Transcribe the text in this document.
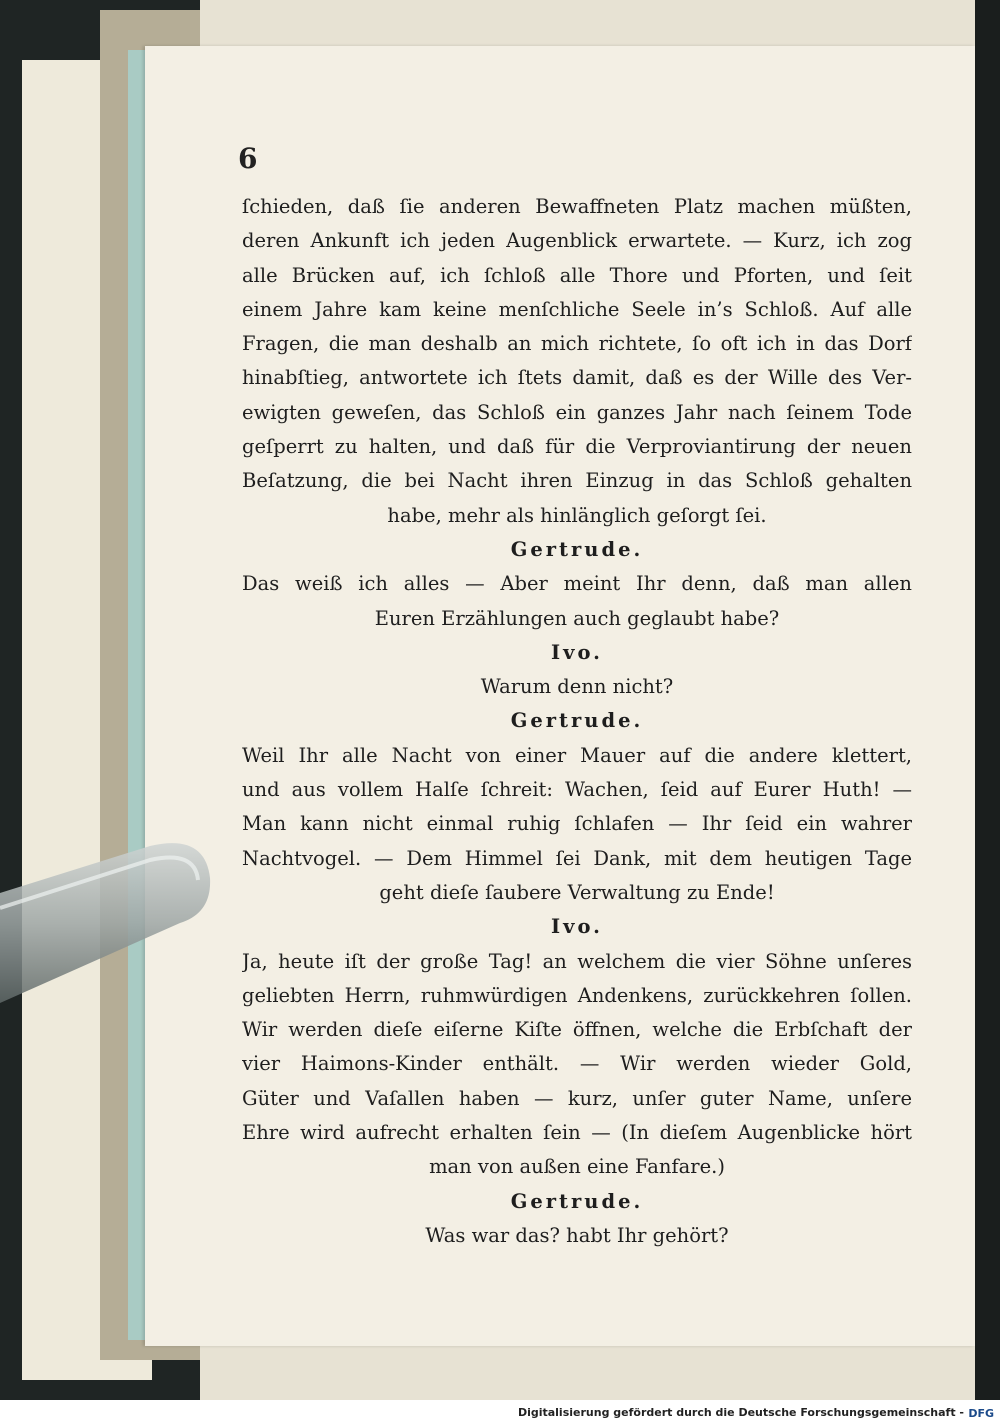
6
ſchieden, daß ſie anderen Bewaffneten Platz machen müßten,
deren Ankunft ich jeden Augenblick erwartete. — Kurz, ich zog
alle Brücken auf, ich ſchloß alle Thore und Pforten, und ſeit
einem Jahre kam keine menſchliche Seele in’s Schloß. Auf alle
Fragen, die man deshalb an mich richtete, ſo oft ich in das Dorf
hinabſtieg, antwortete ich ſtets damit, daß es der Wille des Ver-
ewigten geweſen, das Schloß ein ganzes Jahr nach ſeinem Tode
geſperrt zu halten, und daß für die Verproviantirung der neuen
Beſatzung, die bei Nacht ihren Einzug in das Schloß gehalten
habe, mehr als hinlänglich geſorgt ſei.
Gertrude.
Das weiß ich alles — Aber meint Ihr denn, daß man allen
Euren Erzählungen auch geglaubt habe?
Ivo.
Warum denn nicht?
Gertrude.
Weil Ihr alle Nacht von einer Mauer auf die andere klettert,
und aus vollem Halſe ſchreit: Wachen, ſeid auf Eurer Huth! —
Man kann nicht einmal ruhig ſchlafen — Ihr ſeid ein wahrer
Nachtvogel. — Dem Himmel ſei Dank, mit dem heutigen Tage
geht dieſe ſaubere Verwaltung zu Ende!
Ivo.
Ja, heute iſt der große Tag! an welchem die vier Söhne unſeres
geliebten Herrn, ruhmwürdigen Andenkens, zurückkehren ſollen.
Wir werden dieſe eiſerne Kiſte öffnen, welche die Erbſchaft der
vier Haimons-Kinder enthält. — Wir werden wieder Gold,
Güter und Vaſallen haben — kurz, unſer guter Name, unſere
Ehre wird aufrecht erhalten ſein — (In dieſem Augenblicke hört
man von außen eine Fanfare.)
Gertrude.
Was war das? habt Ihr gehört?
Digitalisierung gefördert durch die Deutsche Forschungsgemeinschaft - DFG
